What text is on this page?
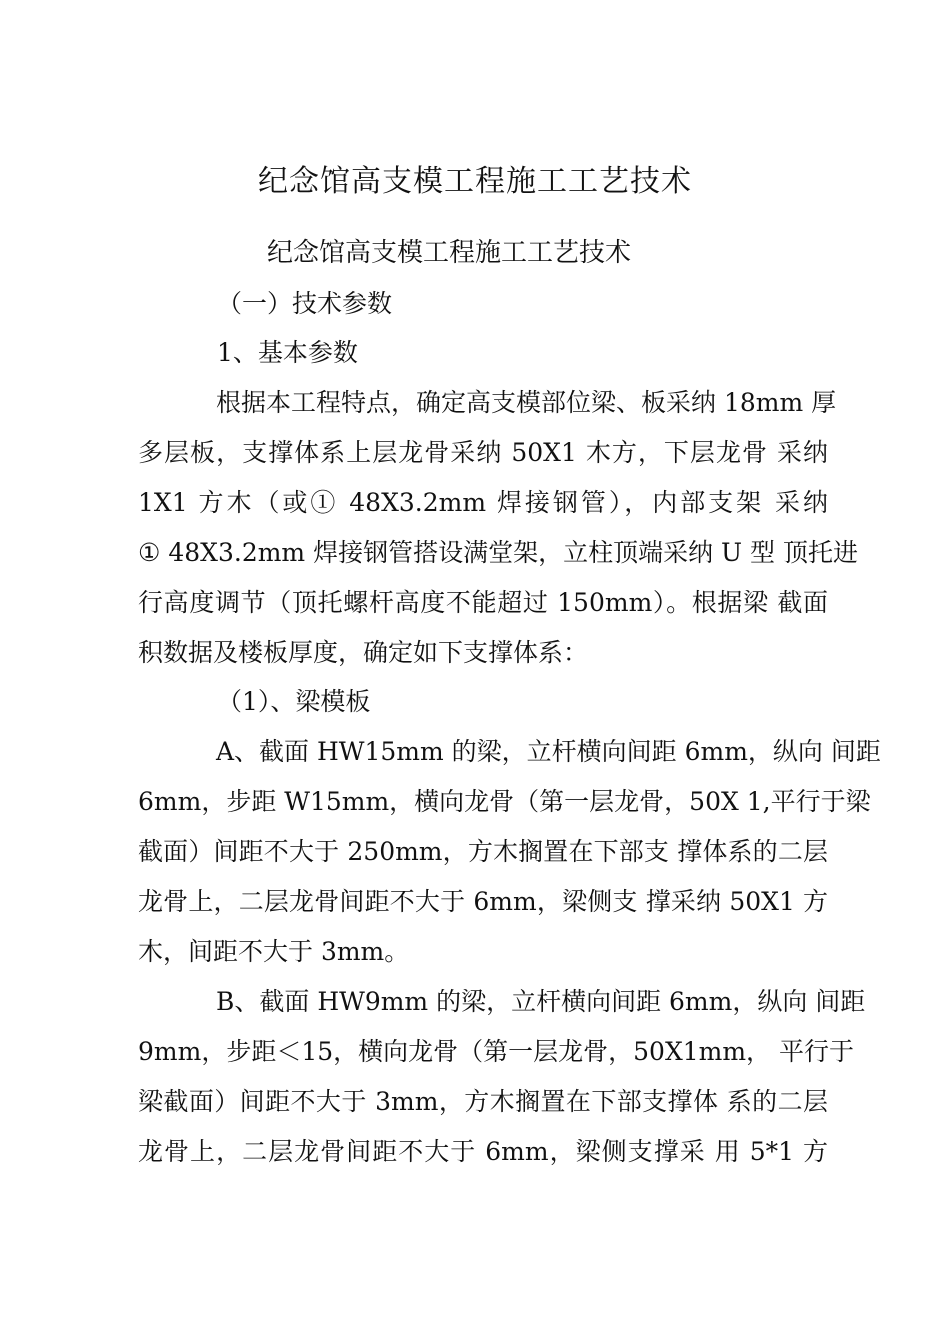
纪念馆高支模工程施工工艺技术
纪念馆高支模工程施工工艺技术
（一）技术参数
1、基本参数
根据本工程特点，确定高支模部位梁、板采纳 18mm 厚
多层板，支撑体系上层龙骨采纳 50X1 木方，下层龙骨 采纳
1X1 方木（或① 48X3.2mm 焊接钢管），内部支架 采纳
① 48X3.2mm 焊接钢管搭设满堂架，立柱顶端采纳 U 型 顶托进
行高度调节（顶托螺杆高度不能超过 150mm）。根据梁 截面
积数据及楼板厚度，确定如下支撑体系：
（1）、梁模板
A、截面 HW15mm 的梁，立杆横向间距 6mm，纵向 间距
6mm，步距 W15mm，横向龙骨（第一层龙骨，50X 1,平行于梁
截面）间距不大于 250mm，方木搁置在下部支 撑体系的二层
龙骨上，二层龙骨间距不大于 6mm，梁侧支 撑采纳 50X1 方
木，间距不大于 3mm。
B、截面 HW9mm 的梁，立杆横向间距 6mm，纵向 间距
9mm，步距＜15，横向龙骨（第一层龙骨，50X1mm， 平行于
梁截面）间距不大于 3mm，方木搁置在下部支撑体 系的二层
龙骨上，二层龙骨间距不大于 6mm，梁侧支撑采 用 5*1 方
